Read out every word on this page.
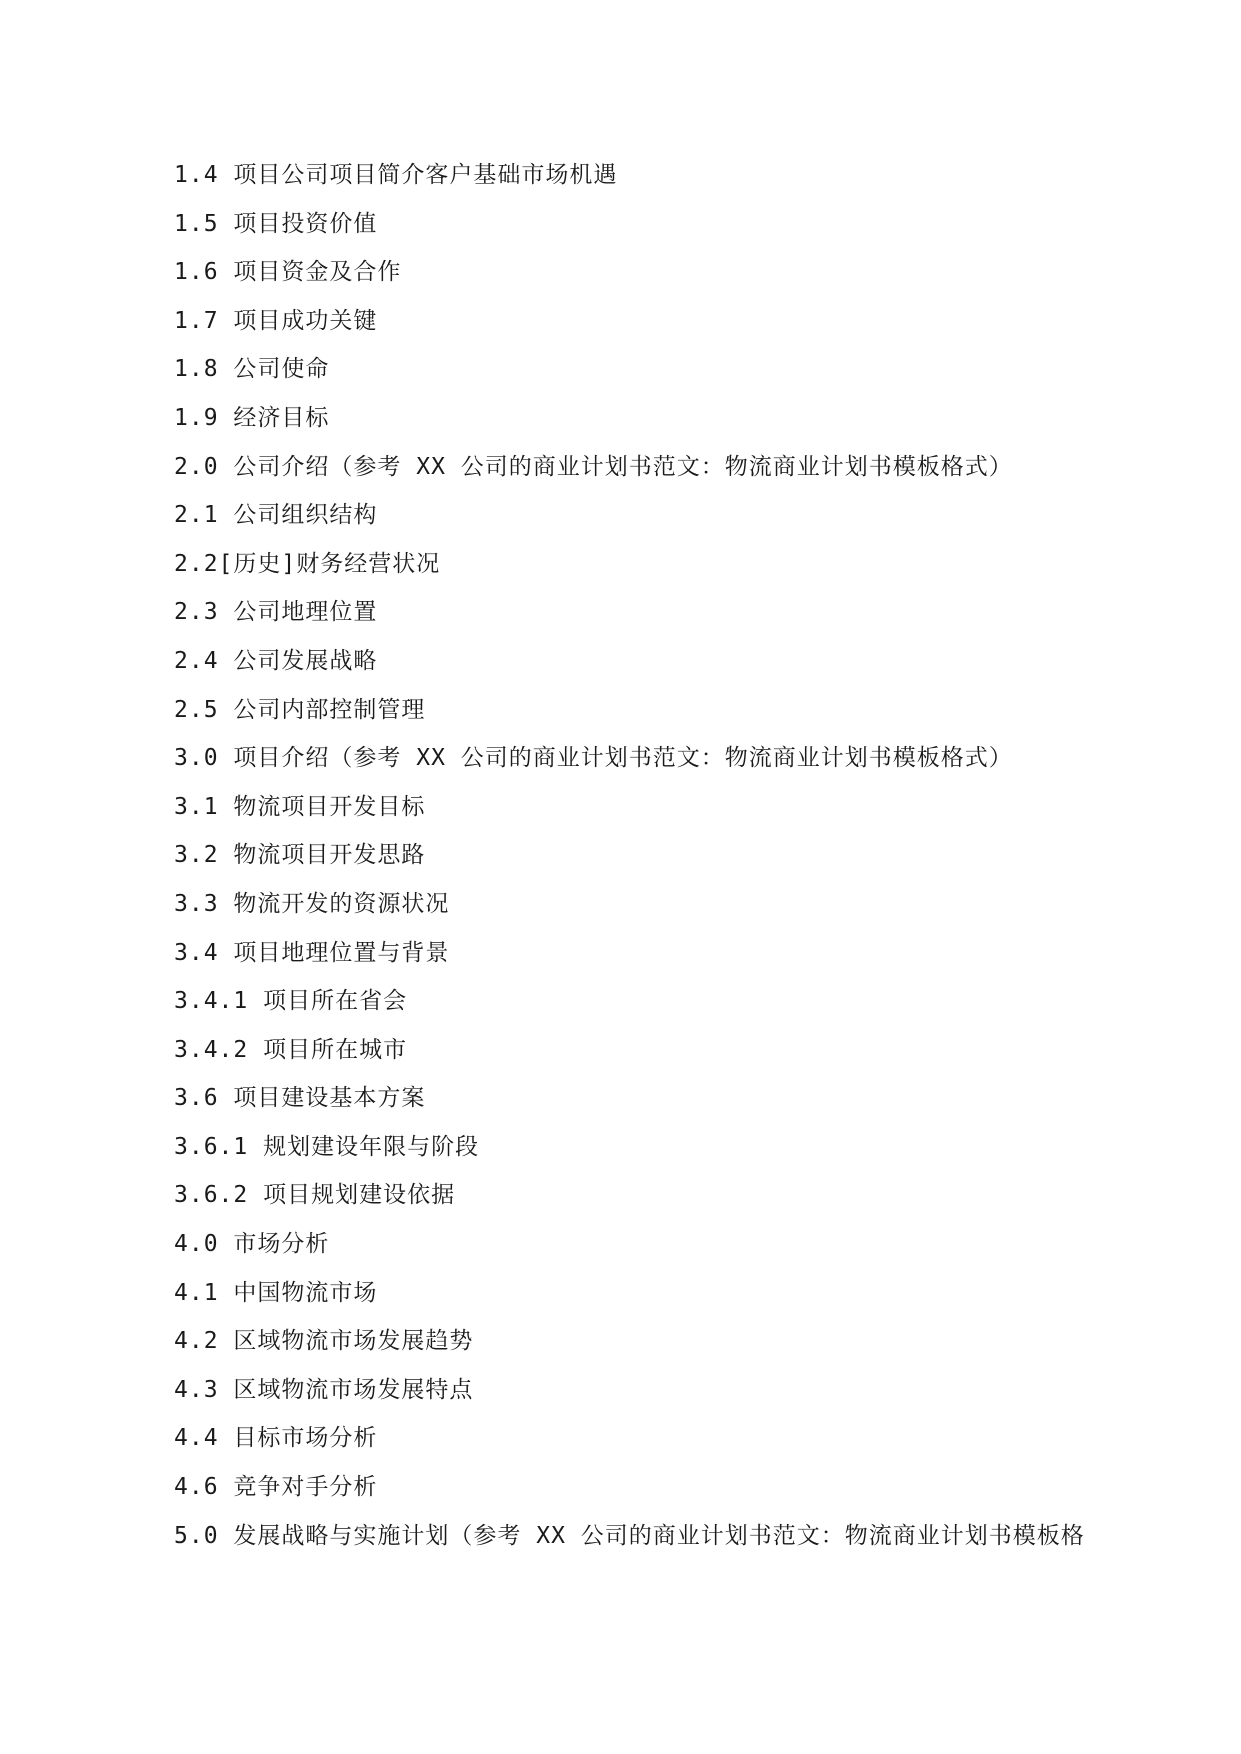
1.4 项目公司项目简介客户基础市场机遇
1.5 项目投资价值
1.6 项目资金及合作
1.7 项目成功关键
1.8 公司使命
1.9 经济目标
2.0 公司介绍（参考 XX 公司的商业计划书范文：物流商业计划书模板格式）
2.1 公司组织结构
2.2[历史]财务经营状况
2.3 公司地理位置
2.4 公司发展战略
2.5 公司内部控制管理
3.0 项目介绍（参考 XX 公司的商业计划书范文：物流商业计划书模板格式）
3.1 物流项目开发目标
3.2 物流项目开发思路
3.3 物流开发的资源状况
3.4 项目地理位置与背景
3.4.1 项目所在省会
3.4.2 项目所在城市
3.6 项目建设基本方案
3.6.1 规划建设年限与阶段
3.6.2 项目规划建设依据
4.0 市场分析
4.1 中国物流市场
4.2 区域物流市场发展趋势
4.3 区域物流市场发展特点
4.4 目标市场分析
4.6 竞争对手分析
5.0 发展战略与实施计划（参考 XX 公司的商业计划书范文：物流商业计划书模板格
